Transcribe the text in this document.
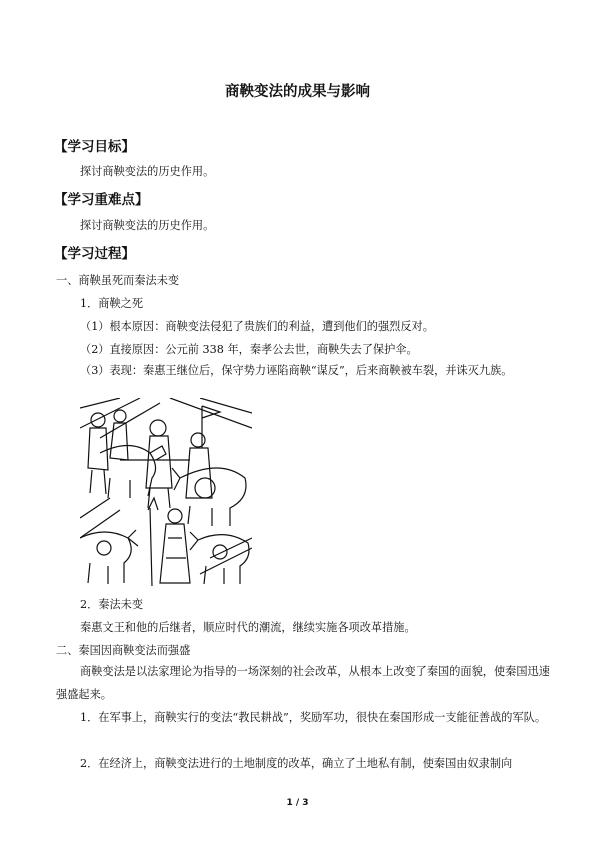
商鞅变法的成果与影响
【学习目标】
探讨商鞅变法的历史作用。
【学习重难点】
探讨商鞅变法的历史作用。
【学习过程】
一、商鞅虽死而秦法未变
1．商鞅之死
（1）根本原因：商鞅变法侵犯了贵族们的利益，遭到他们的强烈反对。
（2）直接原因：公元前 338 年，秦孝公去世，商鞅失去了保护伞。
（3）表现：秦惠王继位后，保守势力诬陷商鞅“谋反”，后来商鞅被车裂，并诛灭九族。
2．秦法未变
秦惠文王和他的后继者，顺应时代的潮流，继续实施各项改革措施。
二、秦国因商鞅变法而强盛
商鞅变法是以法家理论为指导的一场深刻的社会改革，从根本上改变了秦国的面貌，使秦国迅速强盛起来。
1．在军事上，商鞅实行的变法“教民耕战”，奖励军功，很快在秦国形成一支能征善战的军队。
2．在经济上，商鞅变法进行的土地制度的改革，确立了土地私有制，使秦国由奴隶制向
1 / 3
